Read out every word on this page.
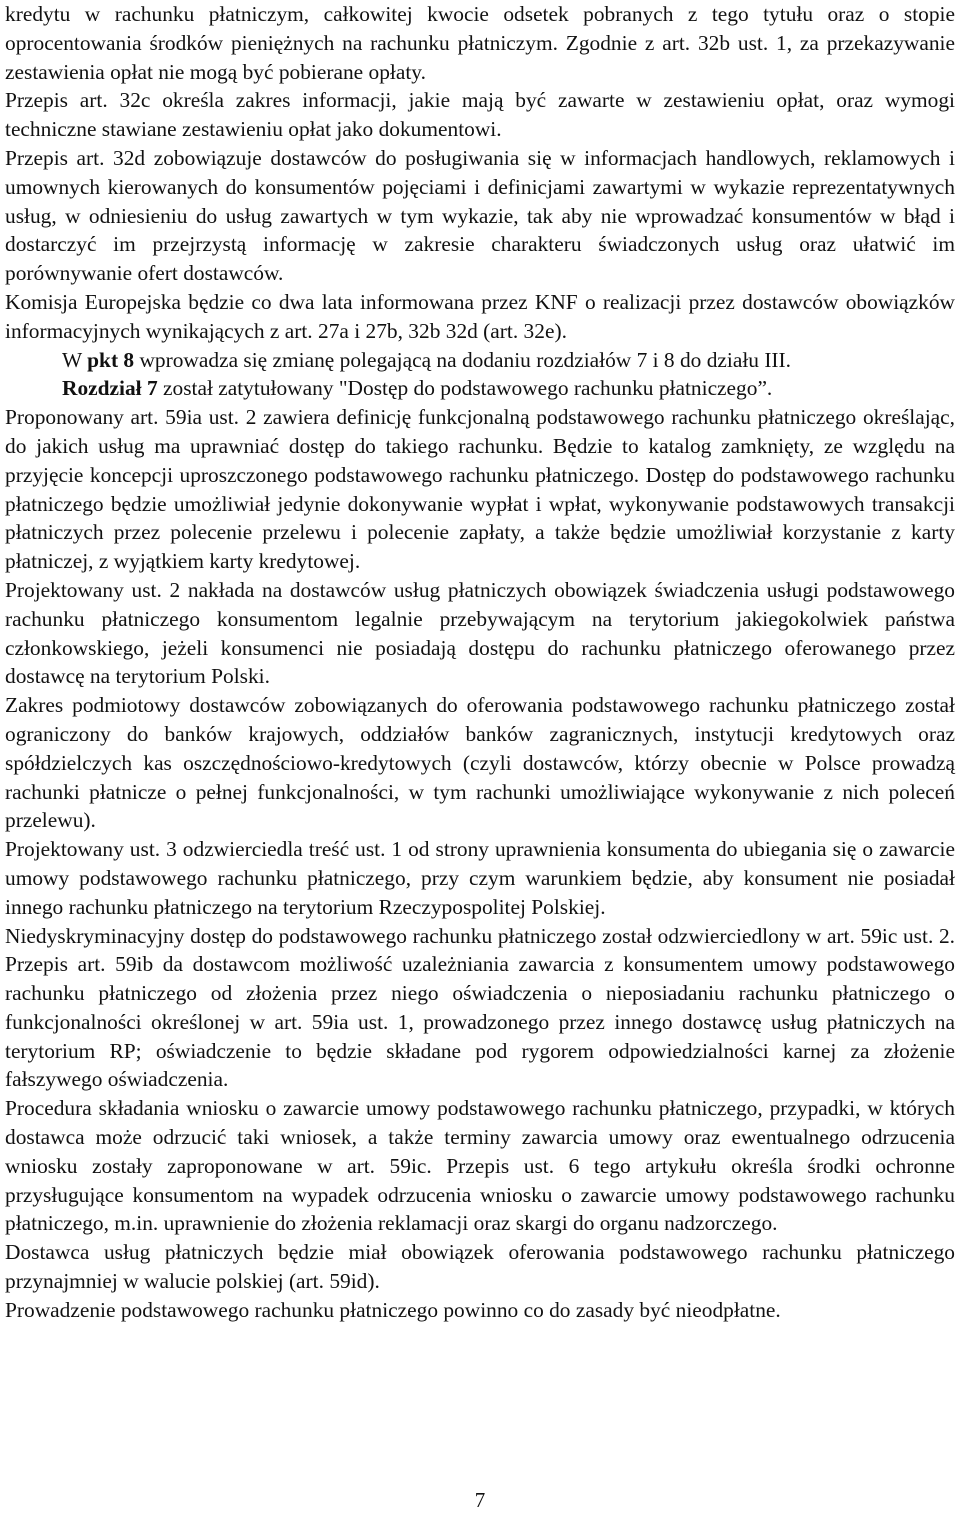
kredytu w rachunku płatniczym, całkowitej kwocie odsetek pobranych z tego tytułu oraz o stopie oprocentowania środków pieniężnych na rachunku płatniczym. Zgodnie z art. 32b ust. 1, za przekazywanie zestawienia opłat nie mogą być pobierane opłaty.

Przepis art. 32c określa zakres informacji, jakie mają być zawarte w zestawieniu opłat, oraz wymogi techniczne stawiane zestawieniu opłat jako dokumentowi.

Przepis art. 32d zobowiązuje dostawców do posługiwania się w informacjach handlowych, reklamowych i umownych kierowanych do konsumentów pojęciami i definicjami zawartymi w wykazie reprezentatywnych usług, w odniesieniu do usług zawartych w tym wykazie, tak aby nie wprowadzać konsumentów w błąd i dostarczyć im przejrzystą informację w zakresie charakteru świadczonych usług oraz ułatwić im porównywanie ofert dostawców.

Komisja Europejska będzie co dwa lata informowana przez KNF o realizacji przez dostawców obowiązków informacyjnych wynikających z art. 27a i 27b, 32b 32d (art. 32e).

W pkt 8 wprowadza się zmianę polegającą na dodaniu rozdziałów 7 i 8 do działu III.

Rozdział 7 został zatytułowany "Dostęp do podstawowego rachunku płatniczego”.

Proponowany art. 59ia ust. 2 zawiera definicję funkcjonalną podstawowego rachunku płatniczego określając, do jakich usług ma uprawniać dostęp do takiego rachunku. Będzie to katalog zamknięty, ze względu na przyjęcie koncepcji uproszczonego podstawowego rachunku płatniczego. Dostęp do podstawowego rachunku płatniczego będzie umożliwiał jedynie dokonywanie wypłat i wpłat, wykonywanie podstawowych transakcji płatniczych przez polecenie przelewu i polecenie zapłaty, a także będzie umożliwiał korzystanie z karty płatniczej, z wyjątkiem karty kredytowej.

Projektowany ust. 2 nakłada na dostawców usług płatniczych obowiązek świadczenia usługi podstawowego rachunku płatniczego konsumentom legalnie przebywającym na terytorium jakiegokolwiek państwa członkowskiego, jeżeli konsumenci nie posiadają dostępu do rachunku płatniczego oferowanego przez dostawcę na terytorium Polski.

Zakres podmiotowy dostawców zobowiązanych do oferowania podstawowego rachunku płatniczego został ograniczony do banków krajowych, oddziałów banków zagranicznych, instytucji kredytowych oraz spółdzielczych kas oszczędnościowo-kredytowych (czyli dostawców, którzy obecnie w Polsce prowadzą rachunki płatnicze o pełnej funkcjonalności, w tym rachunki umożliwiające wykonywanie z nich poleceń przelewu).

Projektowany ust. 3 odzwierciedla treść ust. 1 od strony uprawnienia konsumenta do ubiegania się o zawarcie umowy podstawowego rachunku płatniczego, przy czym warunkiem będzie, aby konsument nie posiadał innego rachunku płatniczego na terytorium Rzeczypospolitej Polskiej.

Niedyskryminacyjny dostęp do podstawowego rachunku płatniczego został odzwierciedlony w art. 59ic ust. 2. Przepis art. 59ib da dostawcom możliwość uzależniania zawarcia z konsumentem umowy podstawowego rachunku płatniczego od złożenia przez niego oświadczenia o nieposiadaniu rachunku płatniczego o funkcjonalności określonej w art. 59ia ust. 1, prowadzonego przez innego dostawcę usług płatniczych na terytorium RP; oświadczenie to będzie składane pod rygorem odpowiedzialności karnej za złożenie fałszywego oświadczenia.

Procedura składania wniosku o zawarcie umowy podstawowego rachunku płatniczego, przypadki, w których dostawca może odrzucić taki wniosek, a także terminy zawarcia umowy oraz ewentualnego odrzucenia wniosku zostały zaproponowane w art. 59ic. Przepis ust. 6 tego artykułu określa środki ochronne przysługujące konsumentom na wypadek odrzucenia wniosku o zawarcie umowy podstawowego rachunku płatniczego, m.in. uprawnienie do złożenia reklamacji oraz skargi do organu nadzorczego.

Dostawca usług płatniczych będzie miał obowiązek oferowania podstawowego rachunku płatniczego przynajmniej w walucie polskiej (art. 59id).

Prowadzenie podstawowego rachunku płatniczego powinno co do zasady być nieodpłatne.

7
